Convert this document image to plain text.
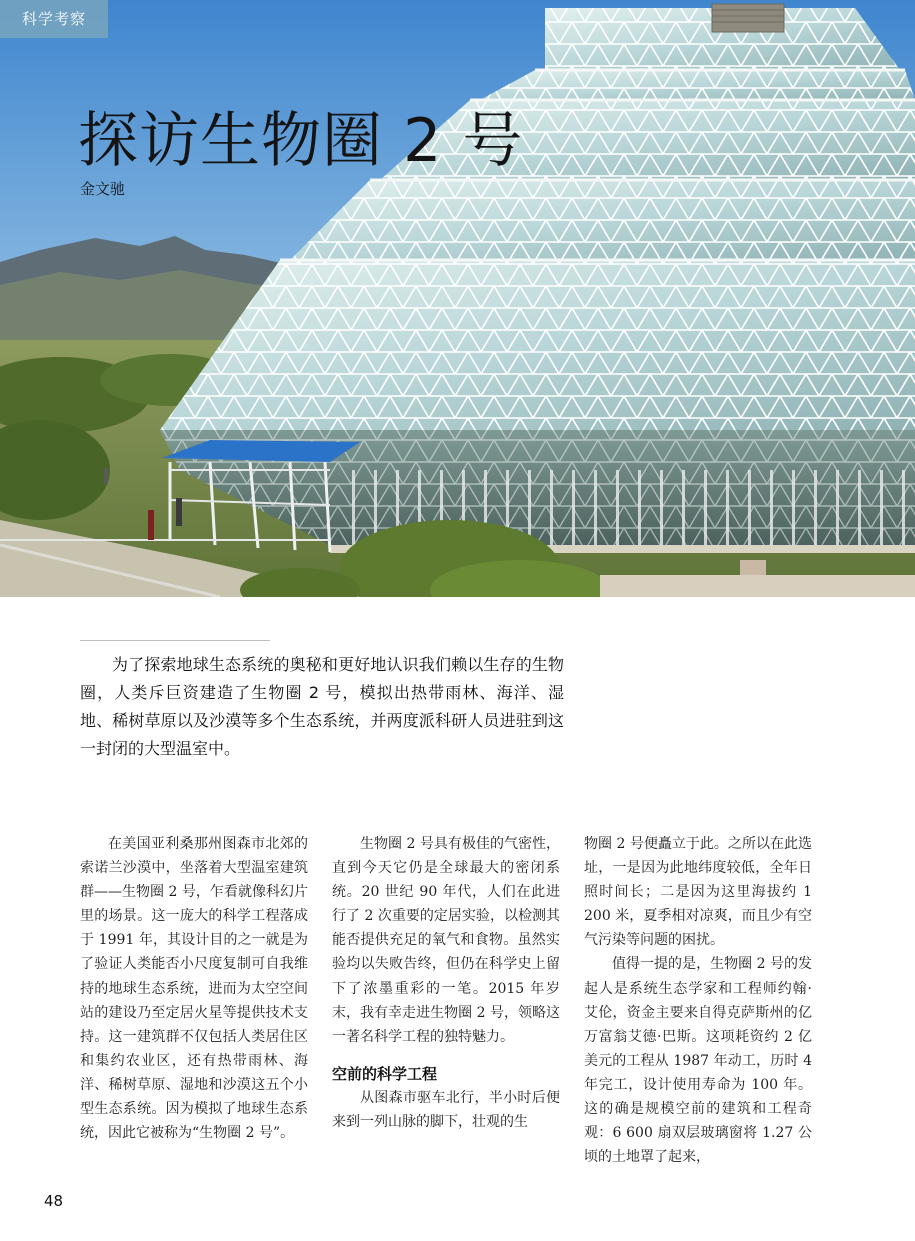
科学考察
探访生物圈 2 号
金文驰

为了探索地球生态系统的奥秘和更好地认识我们赖以生存的生物圈，人类斥巨资建造了生物圈 2 号，模拟出热带雨林、海洋、湿地、稀树草原以及沙漠等多个生态系统，并两度派科研人员进驻到这一封闭的大型温室中。

在美国亚利桑那州图森市北郊的索诺兰沙漠中，坐落着大型温室建筑群——生物圈 2 号，乍看就像科幻片里的场景。这一庞大的科学工程落成于 1991 年，其设计目的之一就是为了验证人类能否小尺度复制可自我维持的地球生态系统，进而为太空空间站的建设乃至定居火星等提供技术支持。这一建筑群不仅包括人类居住区和集约农业区，还有热带雨林、海洋、稀树草原、湿地和沙漠这五个小型生态系统。因为模拟了地球生态系统，因此它被称为“生物圈 2 号”。

生物圈 2 号具有极佳的气密性，直到今天它仍是全球最大的密闭系统。20 世纪 90 年代，人们在此进行了 2 次重要的定居实验，以检测其能否提供充足的氧气和食物。虽然实验均以失败告终，但仍在科学史上留下了浓墨重彩的一笔。2015 年岁末，我有幸走进生物圈 2 号，领略这一著名科学工程的独特魅力。

空前的科学工程

从图森市驱车北行，半小时后便来到一列山脉的脚下，壮观的生

物圈 2 号便矗立于此。之所以在此选址，一是因为此地纬度较低，全年日照时间长；二是因为这里海拔约 1 200 米，夏季相对凉爽，而且少有空气污染等问题的困扰。

值得一提的是，生物圈 2 号的发起人是系统生态学家和工程师约翰·艾伦，资金主要来自得克萨斯州的亿万富翁艾德·巴斯。这项耗资约 2 亿美元的工程从 1987 年动工，历时 4 年完工，设计使用寿命为 100 年。这的确是规模空前的建筑和工程奇观：6 600 扇双层玻璃窗将 1.27 公顷的土地罩了起来，

48
